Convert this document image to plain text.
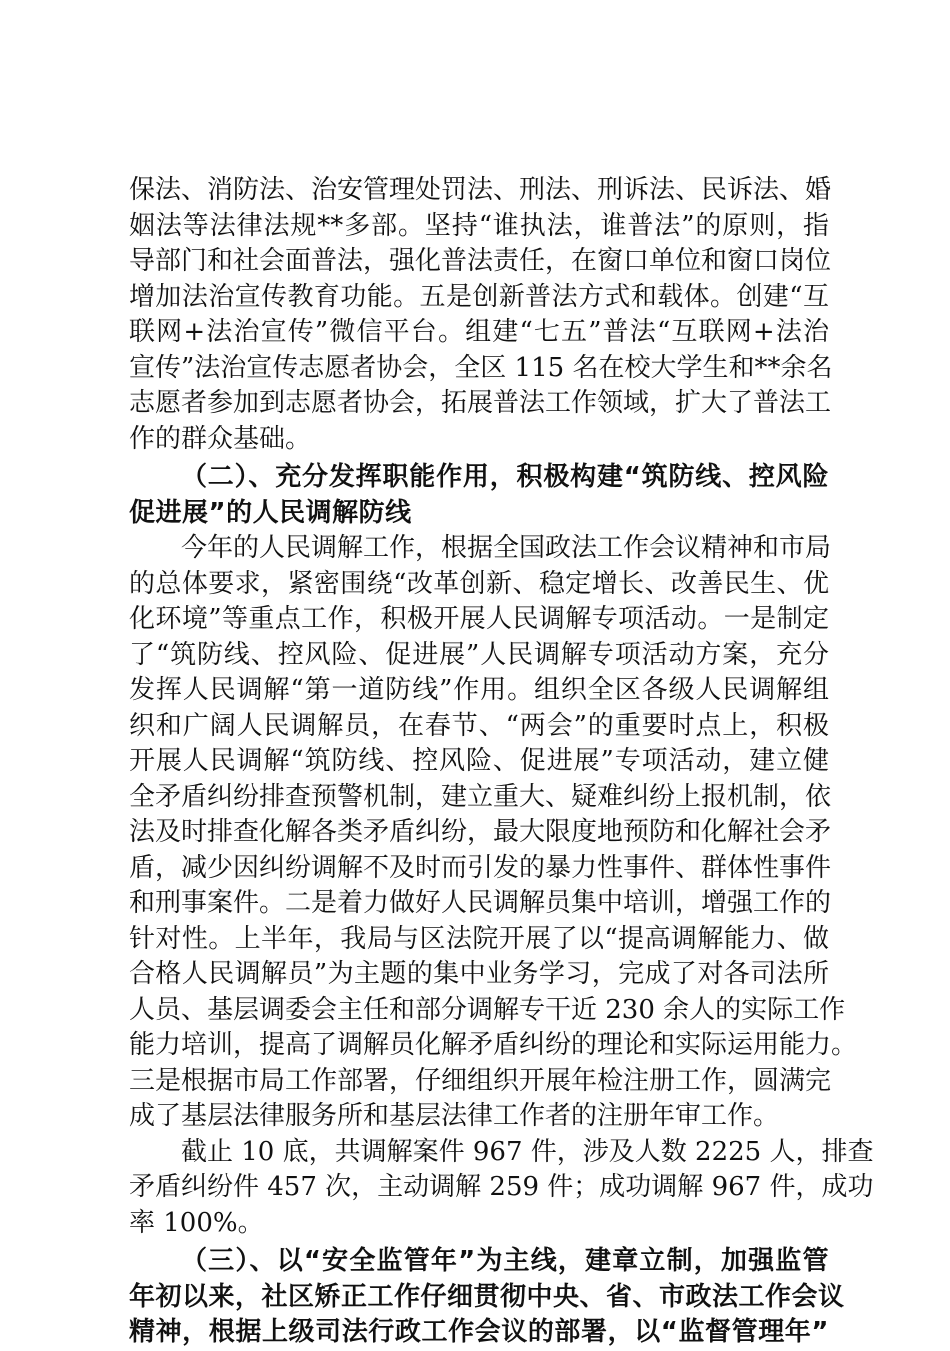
保法、消防法、治安管理处罚法、刑法、刑诉法、民诉法、婚
姻法等法律法规**多部。坚持“谁执法，谁普法”的原则，指
导部门和社会面普法，强化普法责任，在窗口单位和窗口岗位
增加法治宣传教育功能。五是创新普法方式和载体。创建“互
联网+法治宣传”微信平台。组建“七五”普法“互联网+法治
宣传”法治宣传志愿者协会，全区 115 名在校大学生和**余名
志愿者参加到志愿者协会，拓展普法工作领域，扩大了普法工
作的群众基础。
（二）、充分发挥职能作用，积极构建“筑防线、控风险
促进展”的人民调解防线
今年的人民调解工作，根据全国政法工作会议精神和市局
的总体要求，紧密围绕“改革创新、稳定增长、改善民生、优
化环境”等重点工作，积极开展人民调解专项活动。一是制定
了“筑防线、控风险、促进展”人民调解专项活动方案，充分
发挥人民调解“第一道防线”作用。组织全区各级人民调解组
织和广阔人民调解员，在春节、“两会”的重要时点上，积极
开展人民调解“筑防线、控风险、促进展”专项活动，建立健
全矛盾纠纷排查预警机制，建立重大、疑难纠纷上报机制，依
法及时排查化解各类矛盾纠纷，最大限度地预防和化解社会矛
盾，减少因纠纷调解不及时而引发的暴力性事件、群体性事件
和刑事案件。二是着力做好人民调解员集中培训，增强工作的
针对性。上半年，我局与区法院开展了以“提高调解能力、做
合格人民调解员”为主题的集中业务学习，完成了对各司法所
人员、基层调委会主任和部分调解专干近 230 余人的实际工作
能力培训，提高了调解员化解矛盾纠纷的理论和实际运用能力。
三是根据市局工作部署，仔细组织开展年检注册工作，圆满完
成了基层法律服务所和基层法律工作者的注册年审工作。
截止 10 底，共调解案件 967 件，涉及人数 2225 人，排查
矛盾纠纷件 457 次，主动调解 259 件；成功调解 967 件，成功
率 100%。
（三）、以“安全监管年”为主线，建章立制，加强监管
年初以来，社区矫正工作仔细贯彻中央、省、市政法工作会议
精神，根据上级司法行政工作会议的部署，以“监督管理年”
